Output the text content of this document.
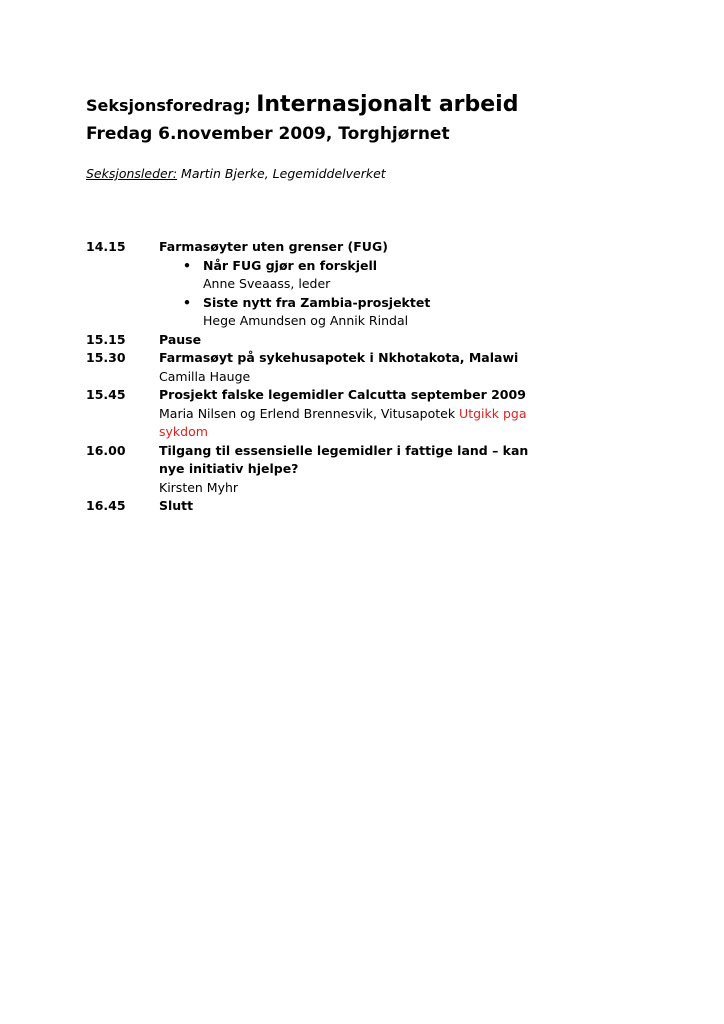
Seksjonsforedrag; Internasjonalt arbeid
Fredag 6.november 2009, Torghjørnet
Seksjonsleder: Martin Bjerke, Legemiddelverket
14.15	Farmasøyter uten grenser (FUG)
• Når FUG gjør en forskjell
Anne Sveaass, leder
• Siste nytt fra Zambia-prosjektet
Hege Amundsen og Annik Rindal
15.15	Pause
15.30	Farmasøyt på sykehusapotek i Nkhotakota, Malawi
Camilla Hauge
15.45	Prosjekt falske legemidler Calcutta september 2009
Maria Nilsen og Erlend Brennesvik, Vitusapotek Utgikk pga sykdom
16.00	Tilgang til essensielle legemidler i fattige land – kan nye initiativ hjelpe?
Kirsten Myhr
16.45	Slutt
